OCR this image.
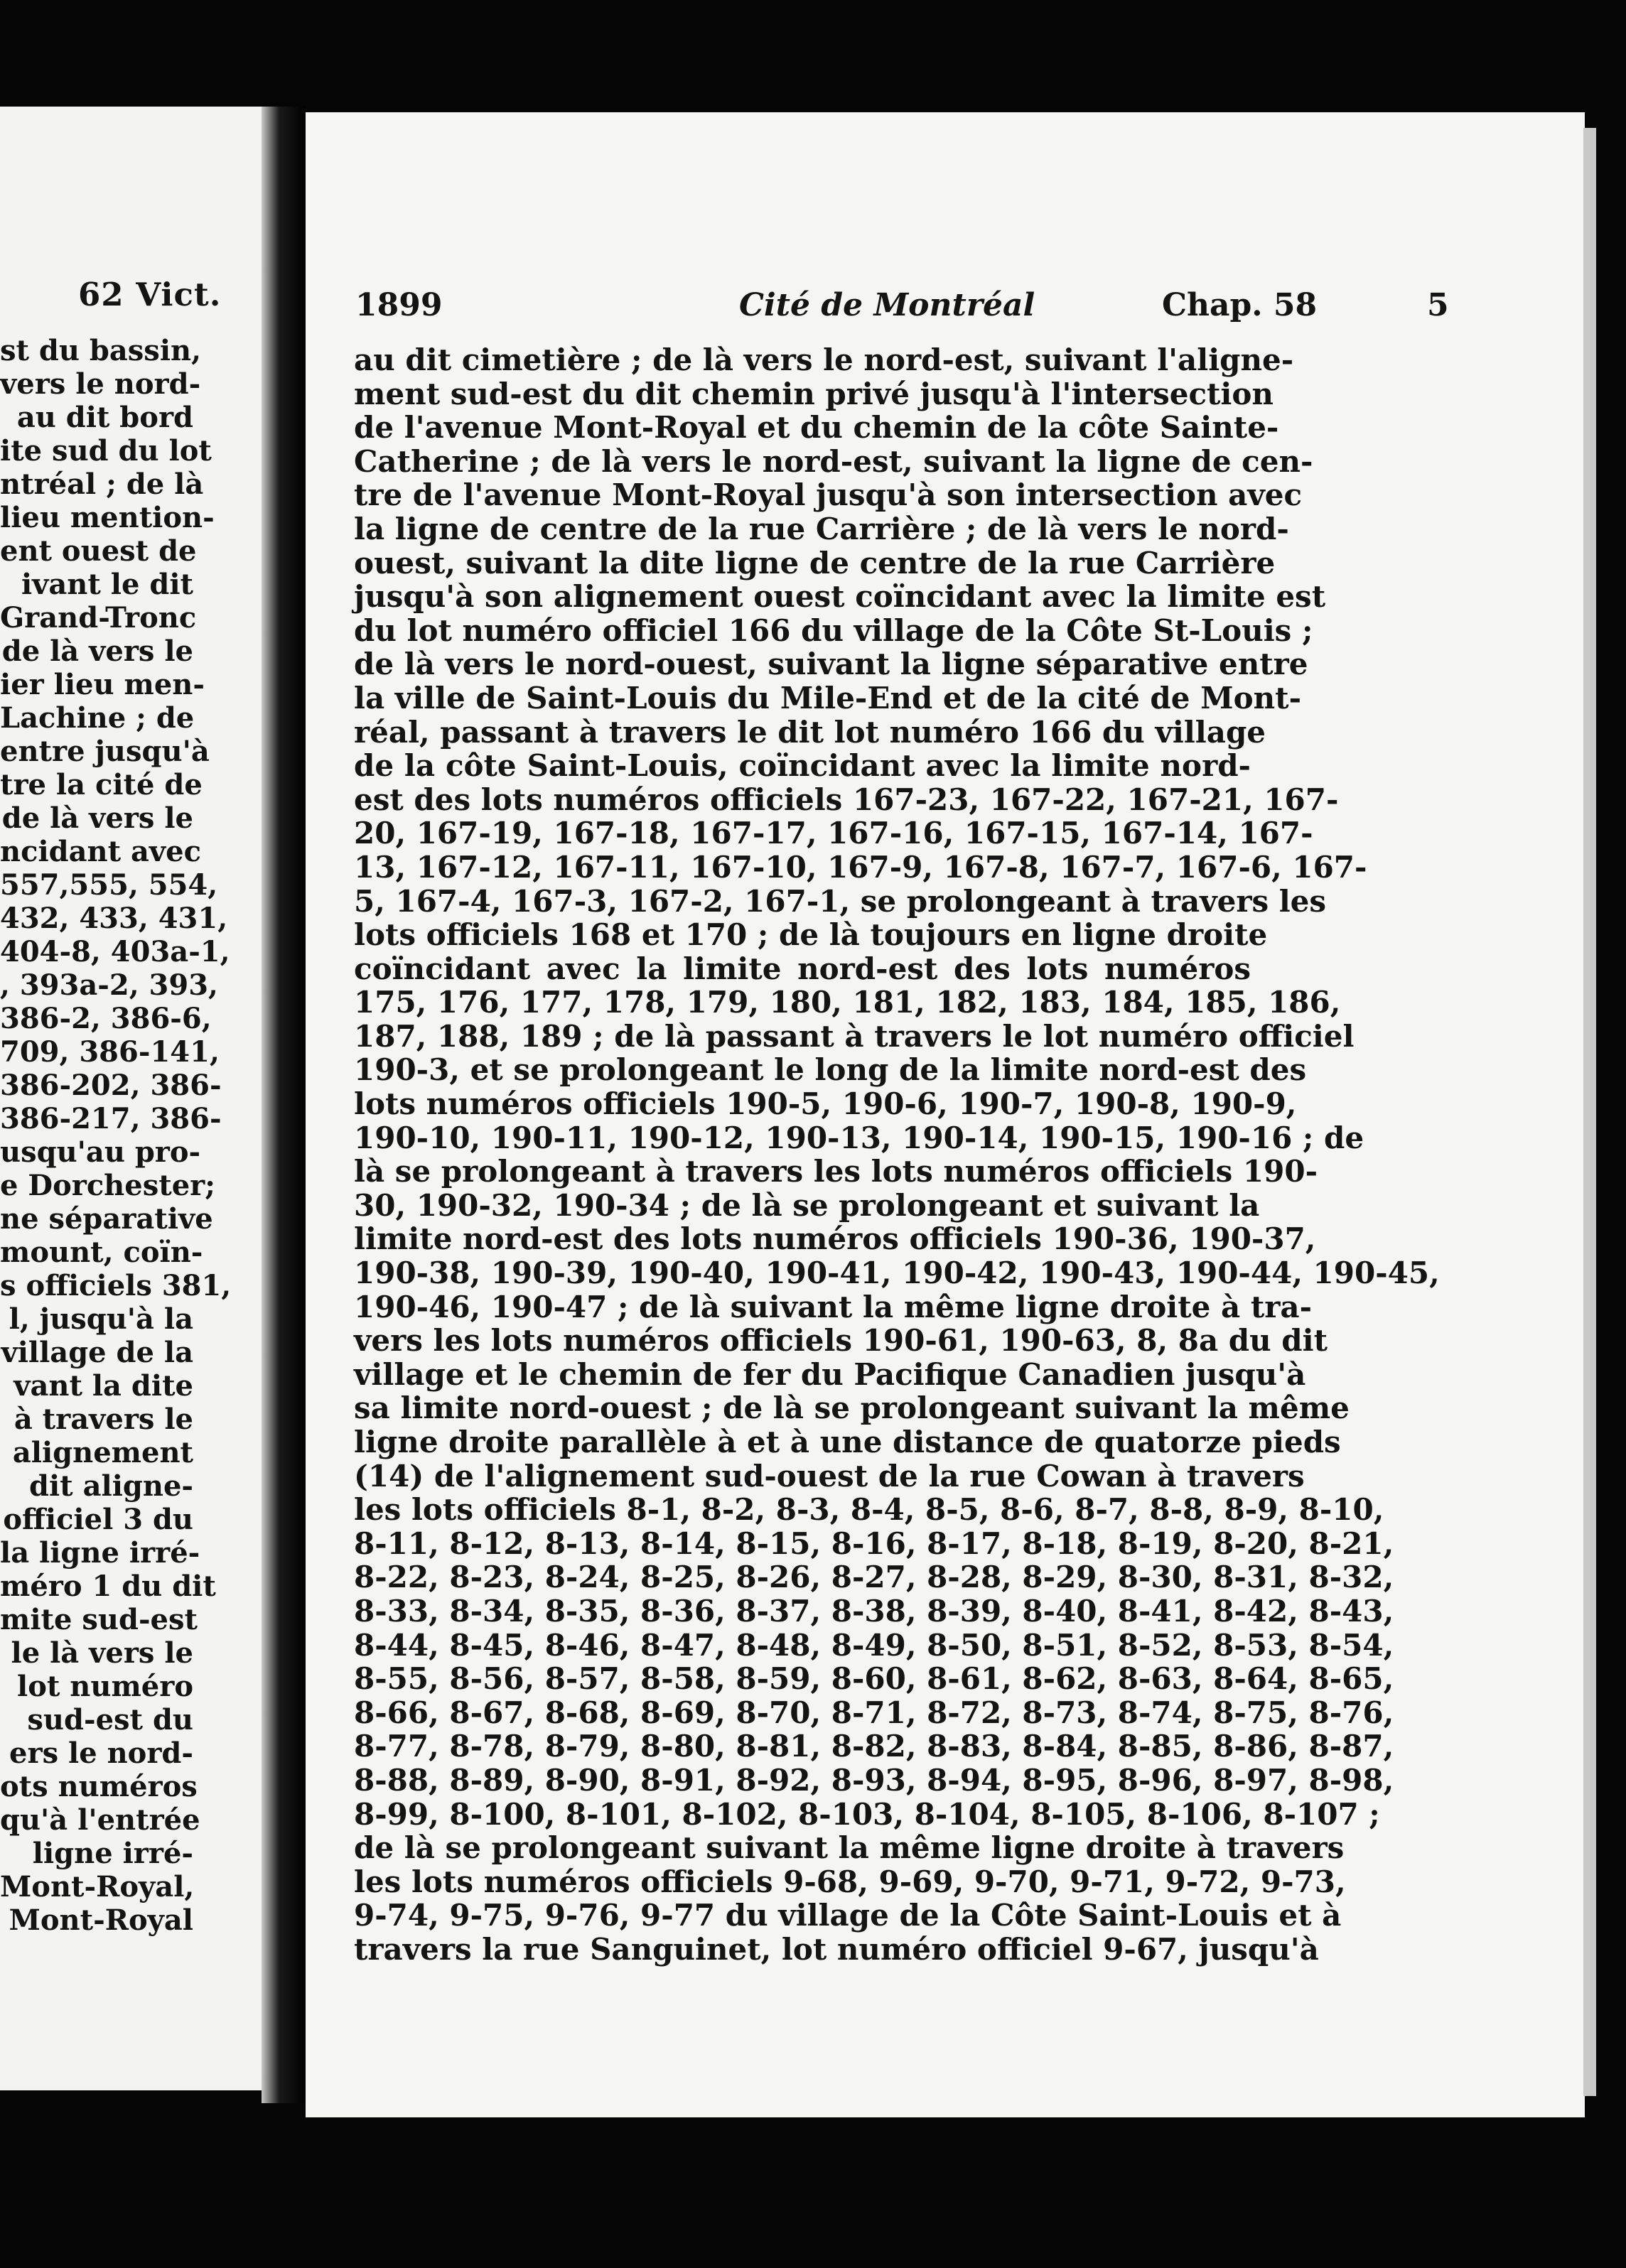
62 Vict.
st du bassin,
vers le nord-
au dit bord
ite sud du lot
ntréal ; de là
lieu mention-
ent ouest de
ivant le dit
Grand-Tronc
de là vers le
ier lieu men-
Lachine ; de
entre jusqu'à
tre la cité de
de là vers le
ncidant avec
557,555, 554,
432, 433, 431,
404-8, 403a-1,
, 393a-2, 393,
386-2, 386-6,
709, 386-141,
386-202, 386-
386-217, 386-
usqu'au pro-
e Dorchester;
ne séparative
mount, coïn-
s officiels 381,
l, jusqu'à la
village de la
vant la dite
à travers le
alignement
dit aligne-
officiel 3 du
la ligne irré-
méro 1 du dit
mite sud-est
le là vers le
lot numéro
sud-est du
ers le nord-
ots numéros
qu'à l'entrée
ligne irré-
Mont-Royal,
Mont-Royal
1899	Cité de Montréal	Chap. 58	5
au dit cimetière ; de là vers le nord-est, suivant l'aligne-
ment sud-est du dit chemin privé jusqu'à l'intersection
de l'avenue Mont-Royal et du chemin de la côte Sainte-
Catherine ; de là vers le nord-est, suivant la ligne de cen-
tre de l'avenue Mont-Royal jusqu'à son intersection avec
la ligne de centre de la rue Carrière ; de là vers le nord-
ouest, suivant la dite ligne de centre de la rue Carrière
jusqu'à son alignement ouest coïncidant avec la limite est
du lot numéro officiel 166 du village de la Côte St-Louis ;
de là vers le nord-ouest, suivant la ligne séparative entre
la ville de Saint-Louis du Mile-End et de la cité de Mont-
réal, passant à travers le dit lot numéro 166 du village
de la côte Saint-Louis, coïncidant avec la limite nord-
est des lots numéros officiels 167-23, 167-22, 167-21, 167-
20, 167-19, 167-18, 167-17, 167-16, 167-15, 167-14, 167-
13, 167-12, 167-11, 167-10, 167-9, 167-8, 167-7, 167-6, 167-
5, 167-4, 167-3, 167-2, 167-1, se prolongeant à travers les
lots officiels 168 et 170 ; de là toujours en ligne droite
coïncidant avec la limite nord-est des lots numéros
175, 176, 177, 178, 179, 180, 181, 182, 183, 184, 185, 186,
187, 188, 189 ; de là passant à travers le lot numéro officiel
190-3, et se prolongeant le long de la limite nord-est des
lots numéros officiels 190-5, 190-6, 190-7, 190-8, 190-9,
190-10, 190-11, 190-12, 190-13, 190-14, 190-15, 190-16 ; de
là se prolongeant à travers les lots numéros officiels 190-
30, 190-32, 190-34 ; de là se prolongeant et suivant la
limite nord-est des lots numéros officiels 190-36, 190-37,
190-38, 190-39, 190-40, 190-41, 190-42, 190-43, 190-44, 190-45,
190-46, 190-47 ; de là suivant la même ligne droite à tra-
vers les lots numéros officiels 190-61, 190-63, 8, 8a du dit
village et le chemin de fer du Pacifique Canadien jusqu'à
sa limite nord-ouest ; de là se prolongeant suivant la même
ligne droite parallèle à et à une distance de quatorze pieds
(14) de l'alignement sud-ouest de la rue Cowan à travers
les lots officiels 8-1, 8-2, 8-3, 8-4, 8-5, 8-6, 8-7, 8-8, 8-9, 8-10,
8-11, 8-12, 8-13, 8-14, 8-15, 8-16, 8-17, 8-18, 8-19, 8-20, 8-21,
8-22, 8-23, 8-24, 8-25, 8-26, 8-27, 8-28, 8-29, 8-30, 8-31, 8-32,
8-33, 8-34, 8-35, 8-36, 8-37, 8-38, 8-39, 8-40, 8-41, 8-42, 8-43,
8-44, 8-45, 8-46, 8-47, 8-48, 8-49, 8-50, 8-51, 8-52, 8-53, 8-54,
8-55, 8-56, 8-57, 8-58, 8-59, 8-60, 8-61, 8-62, 8-63, 8-64, 8-65,
8-66, 8-67, 8-68, 8-69, 8-70, 8-71, 8-72, 8-73, 8-74, 8-75, 8-76,
8-77, 8-78, 8-79, 8-80, 8-81, 8-82, 8-83, 8-84, 8-85, 8-86, 8-87,
8-88, 8-89, 8-90, 8-91, 8-92, 8-93, 8-94, 8-95, 8-96, 8-97, 8-98,
8-99, 8-100, 8-101, 8-102, 8-103, 8-104, 8-105, 8-106, 8-107 ;
de là se prolongeant suivant la même ligne droite à travers
les lots numéros officiels 9-68, 9-69, 9-70, 9-71, 9-72, 9-73,
9-74, 9-75, 9-76, 9-77 du village de la Côte Saint-Louis et à
travers la rue Sanguinet, lot numéro officiel 9-67, jusqu'à
